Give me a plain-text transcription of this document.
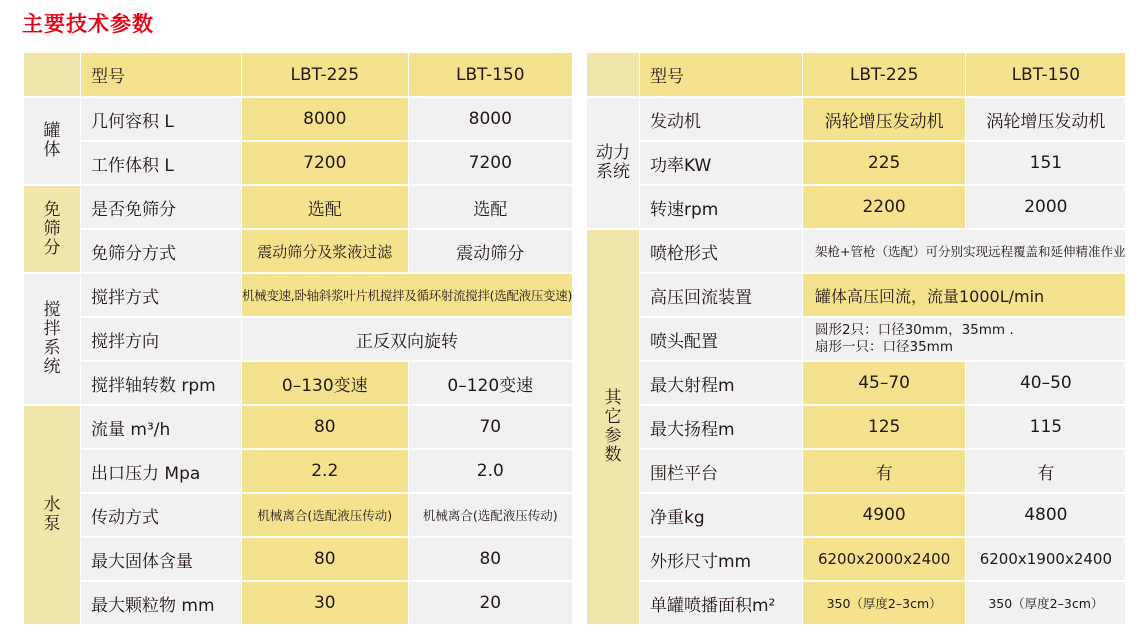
主要技术参数
	型号	LBT-225	LBT-150
罐
体	几何容积 L	8000	8000
	工作体积 L	7200	7200
免
筛
分	是否免筛分	选配	选配
	免筛分方式	震动筛分及浆液过滤	震动筛分
搅
拌
系
统	搅拌方式	机械变速,卧轴斜浆叶片机搅拌及循环射流搅拌(选配液压变速)	
	搅拌方向	正反双向旋转	
	搅拌轴转数 rpm	0–130变速	0–120变速
水
泵	流量 m³/h	80	70
	出口压力 Mpa	2.2	2.0
	传动方式	机械离合(选配液压传动)	机械离合(选配液压传动)
	最大固体含量	80	80
	最大颗粒物 mm	30	20
	型号	LBT-225	LBT-150
动力
系统	发动机	涡轮增压发动机	涡轮增压发动机
	功率KW	225	151
	转速rpm	2200	2000
其
它
参
数	喷枪形式	架枪+管枪（选配）可分别实现远程覆盖和延伸精准作业	
	高压回流装置	罐体高压回流，流量1000L/min	
	喷头配置	圆形2只：口径30mm，35mm .
扇形一只：口径35mm	
	最大射程m	45–70	40–50
	最大扬程m	125	115
	围栏平台	有	有
	净重kg	4900	4800
	外形尺寸mm	6200x2000x2400	6200x1900x2400
	单罐喷播面积m²	350（厚度2–3cm）	350（厚度2–3cm）
